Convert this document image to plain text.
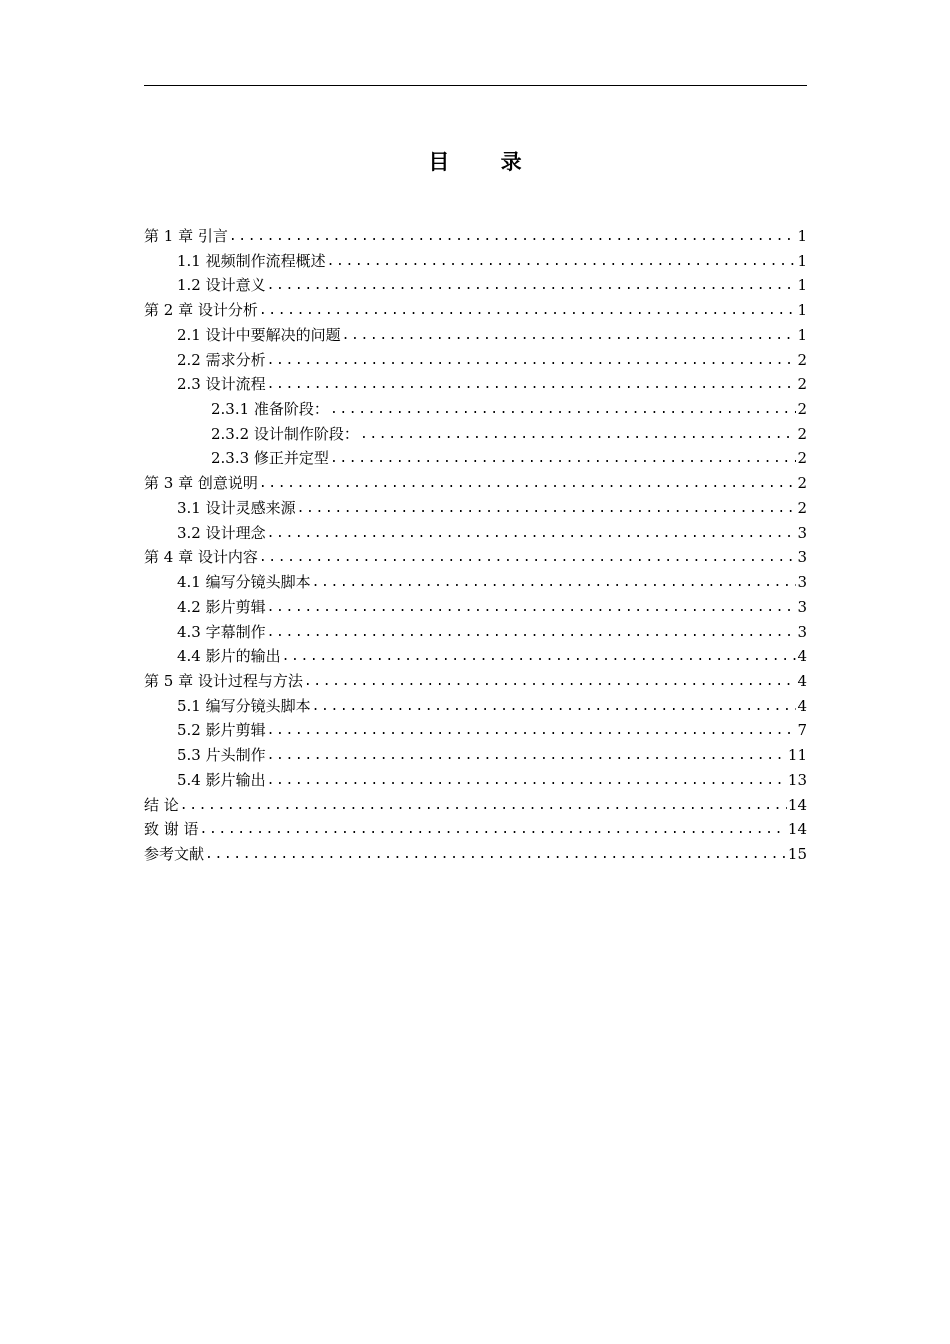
目 录
第 1 章 引言 .....	1
1.1 视频制作流程概述 .....	1
1.2 设计意义 .....	1
第 2 章 设计分析 .....	1
2.1 设计中要解决的问题 .....	1
2.2 需求分析 .....	2
2.3 设计流程 .....	2
2.3.1 准备阶段： .....	2
2.3.2 设计制作阶段： .....	2
2.3.3 修正并定型 .....	2
第 3 章 创意说明 .....	2
3.1 设计灵感来源 .....	2
3.2 设计理念 .....	3
第 4 章 设计内容 .....	3
4.1 编写分镜头脚本 .....	3
4.2 影片剪辑 .....	3
4.3 字幕制作 .....	3
4.4 影片的输出 .....	4
第 5 章 设计过程与方法 .....	4
5.1 编写分镜头脚本 .....	4
5.2 影片剪辑 .....	7
5.3 片头制作 .....	11
5.4 影片输出 .....	13
结 论 .....	14
致 谢 语 .....	14
参考文献 .....	15
